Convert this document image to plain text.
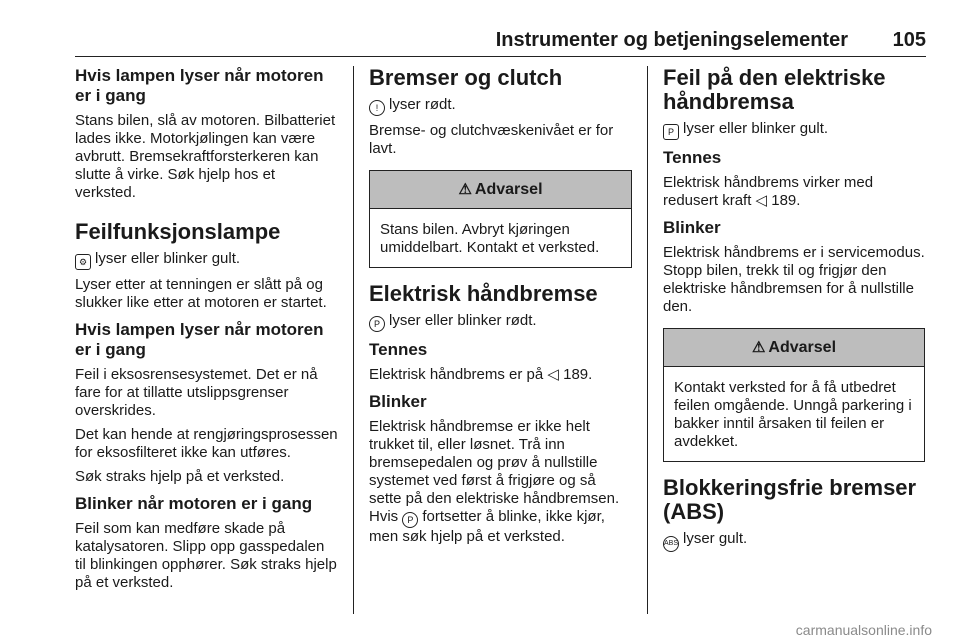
Instrumenter og betjeningselementer 105
Hvis lampen lyser når motoren er i gang
Stans bilen, slå av motoren. Bilbatteriet lades ikke. Motorkjølingen kan være avbrutt. Bremsekraftforsterkeren kan slutte å virke. Søk hjelp hos et verksted.
Feilfunksjonslampe
⚙ lyser eller blinker gult.
Lyser etter at tenningen er slått på og slukker like etter at motoren er startet.
Hvis lampen lyser når motoren er i gang
Feil i eksosrensesystemet. Det er nå fare for at tillatte utslippsgrenser overskrides.
Det kan hende at rengjøringsprosessen for eksosfilteret ikke kan utføres.
Søk straks hjelp på et verksted.
Blinker når motoren er i gang
Feil som kan medføre skade på katalysatoren. Slipp opp gasspedalen til blinkingen opphører. Søk straks hjelp på et verksted.
Bremser og clutch
! lyser rødt.
Bremse- og clutchvæskenivået er for lavt.
⚠ Advarsel
Stans bilen. Avbryt kjøringen umiddelbart. Kontakt et verksted.
Elektrisk håndbremse
P lyser eller blinker rødt.
Tennes
Elektrisk håndbrems er på ◁ 189.
Blinker
Elektrisk håndbremse er ikke helt trukket til, eller løsnet. Trå inn bremsepedalen og prøv å nullstille systemet ved først å frigjøre og så sette på den elektriske håndbremsen. Hvis P fortsetter å blinke, ikke kjør, men søk hjelp på et verksted.
Feil på den elektriske håndbremsa
P lyser eller blinker gult.
Tennes
Elektrisk håndbrems virker med redusert kraft ◁ 189.
Blinker
Elektrisk håndbrems er i servicemodus. Stopp bilen, trekk til og frigjør den elektriske håndbremsen for å nullstille den.
⚠ Advarsel
Kontakt verksted for å få utbedret feilen omgående. Unngå parkering i bakker inntil årsaken til feilen er avdekket.
Blokkeringsfrie bremser (ABS)
ABS lyser gult.
carmanualsonline.info
